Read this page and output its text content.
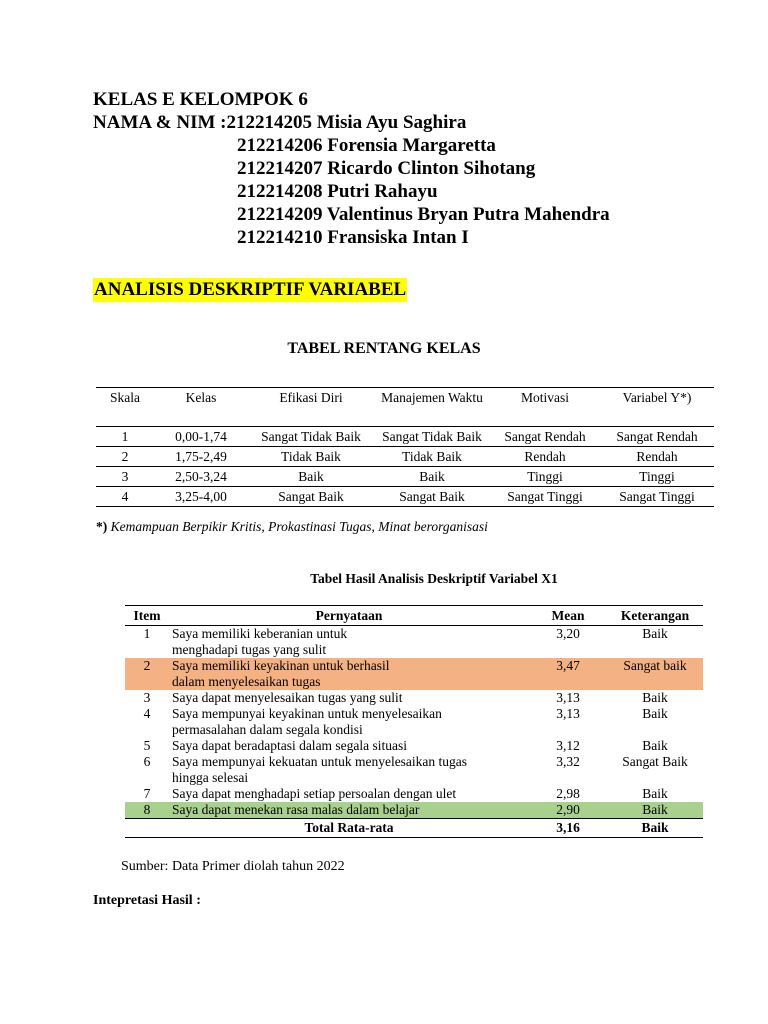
KELAS E KELOMPOK 6
NAMA & NIM :212214205 Misia Ayu Saghira
212214206 Forensia Margaretta
212214207 Ricardo Clinton Sihotang
212214208 Putri Rahayu
212214209 Valentinus Bryan Putra Mahendra
212214210 Fransiska Intan I
ANALISIS DESKRIPTIF VARIABEL
TABEL RENTANG KELAS
Skala	Kelas	Efikasi Diri	Manajemen Waktu	Motivasi	Variabel Y*)
1	0,00-1,74	Sangat Tidak Baik	Sangat Tidak Baik	Sangat Rendah	Sangat Rendah
2	1,75-2,49	Tidak Baik	Tidak Baik	Rendah	Rendah
3	2,50-3,24	Baik	Baik	Tinggi	Tinggi
4	3,25-4,00	Sangat Baik	Sangat Baik	Sangat Tinggi	Sangat Tinggi
*) Kemampuan Berpikir Kritis, Prokastinasi Tugas, Minat berorganisasi
Tabel Hasil Analisis Deskriptif Variabel X1
Item	Pernyataan	Mean	Keterangan
1	Saya memiliki keberanian untuk
menghadapi tugas yang sulit	3,20	Baik
2	Saya memiliki keyakinan untuk berhasil
dalam menyelesaikan tugas	3,47	Sangat baik
3	Saya dapat menyelesaikan tugas yang sulit	3,13	Baik
4	Saya mempunyai keyakinan untuk menyelesaikan
permasalahan dalam segala kondisi	3,13	Baik
5	Saya dapat beradaptasi dalam segala situasi	3,12	Baik
6	Saya mempunyai kekuatan untuk menyelesaikan tugas
hingga selesai	3,32	Sangat Baik
7	Saya dapat menghadapi setiap persoalan dengan ulet	2,98	Baik
8	Saya dapat menekan rasa malas dalam belajar	2,90	Baik
	Total Rata-rata	3,16	Baik
Sumber: Data Primer diolah tahun 2022
Intepretasi Hasil :
